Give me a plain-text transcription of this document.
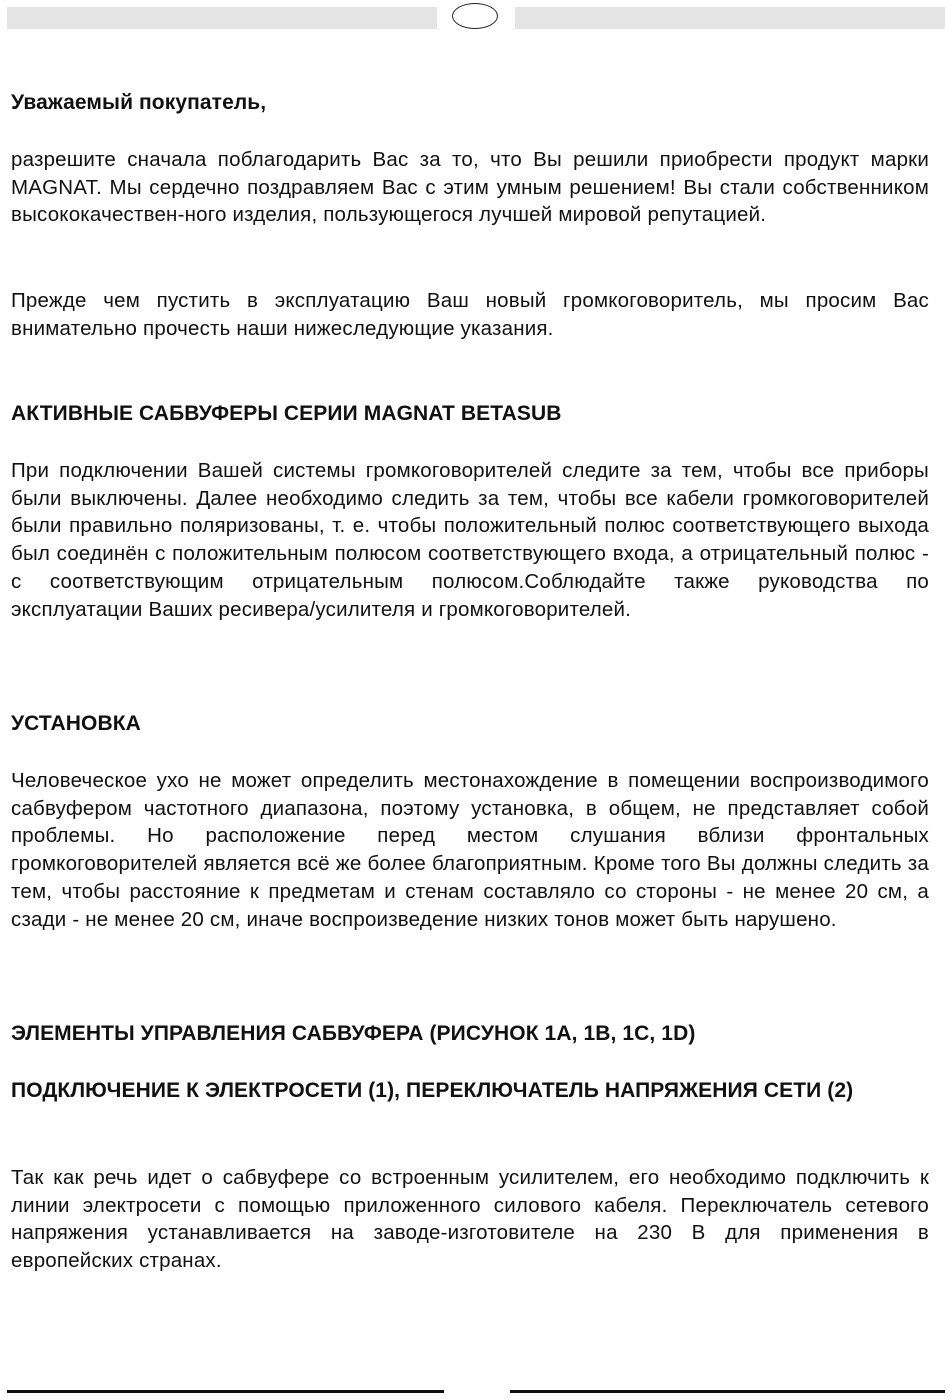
Уважаемый покупатель,

разрешите сначала поблагодарить Вас за то, что Вы решили приобрести продукт марки MAGNAT. Мы сердечно поздравляем Вас с этим умным решением! Вы стали собственником высококачествен-ного изделия, пользующегося лучшей мировой репутацией.

Прежде чем пустить в эксплуатацию Ваш новый громкоговоритель, мы просим Вас внимательно прочесть наши нижеследующие указания.

АКТИВНЫЕ САБВУФЕРЫ СЕРИИ MAGNAT BETASUB

При подключении Вашей системы громкоговорителей следите за тем, чтобы все приборы были выключены. Далее необходимо следить за тем, чтобы все кабели громкоговорителей были правильно поляризованы, т. е. чтобы положительный полюс соответствующего выхода был соединён с положительным полюсом соответствующего входа, а отрицательный полюс - с соответствующим отрицательным полюсом.Соблюдайте также руководства по эксплуатации Ваших ресивера/усилителя и громкоговорителей.

УСТАНОВКА

Человеческое ухо не может определить местонахождение в помещении воспроизводимого сабвуфером частотного диапазона, поэтому установка, в общем, не представляет собой проблемы. Но расположение перед местом слушания вблизи фронтальных громкоговорителей является всё же более благоприятным. Кроме того Вы должны следить за тем, чтобы расстояние к предметам и стенам составляло со стороны - не менее 20 см, а сзади - не менее 20 см, иначе воспроизведение низких тонов может быть нарушено.

ЭЛЕМЕНТЫ УПРАВЛЕНИЯ САБВУФЕРА (РИСУНОК 1A, 1B, 1C, 1D)

ПОДКЛЮЧЕНИЕ К ЭЛЕКТРОСЕТИ (1), ПЕРЕКЛЮЧАТЕЛЬ НАПРЯЖЕНИЯ СЕТИ (2)

Так как речь идет о сабвуфере со встроенным усилителем, его необходимо подключить к линии электросети с помощью приложенного силового кабеля. Переключатель сетевого напряжения устанавливается на заводе-изготовителе на 230 В для применения в европейских странах.
